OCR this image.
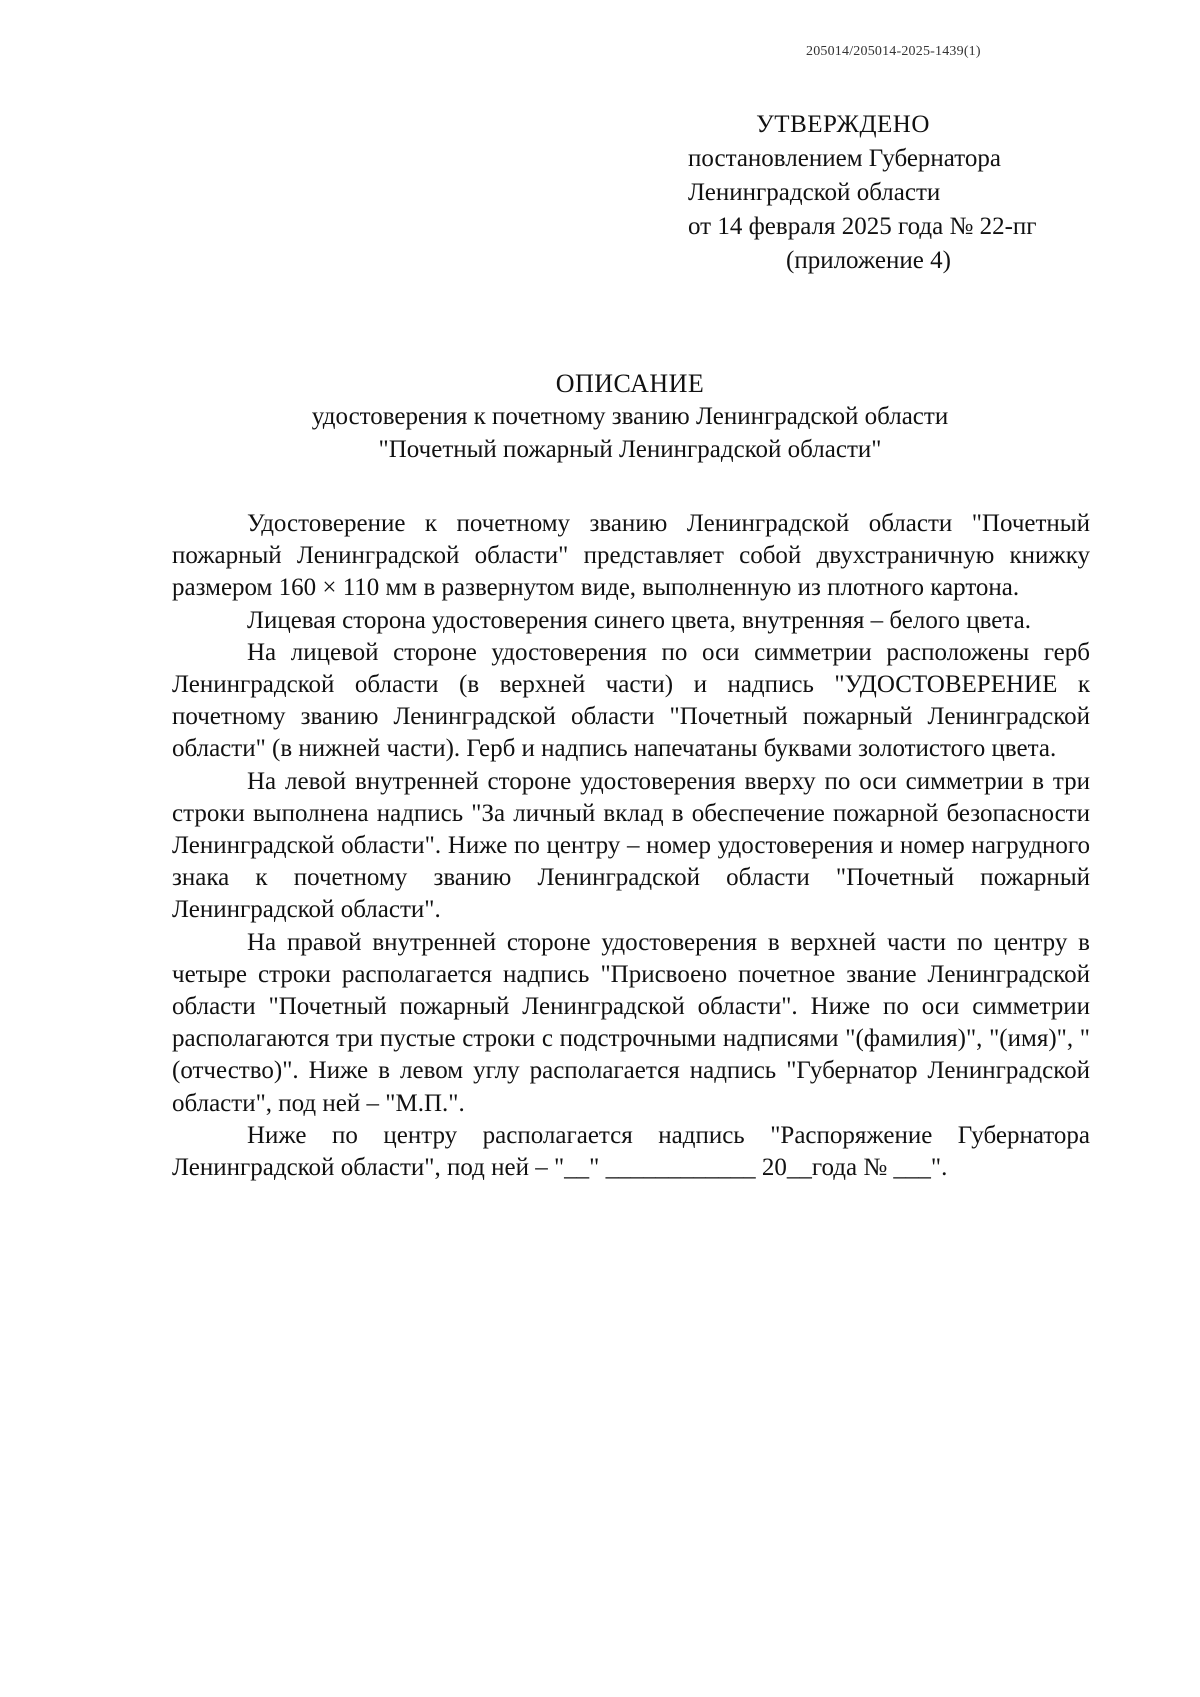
205014/205014-2025-1439(1)
УТВЕРЖДЕНО
постановлением Губернатора
Ленинградской области
от 14 февраля 2025 года № 22-пг
(приложение 4)
ОПИСАНИЕ
удостоверения к почетному званию Ленинградской области
"Почетный пожарный Ленинградской области"

Удостоверение к почетному званию Ленинградской области "Почетный пожарный Ленинградской области" представляет собой двухстраничную книжку размером 160 × 110 мм в развернутом виде, выполненную из плотного картона.

Лицевая сторона удостоверения синего цвета, внутренняя – белого цвета.

На лицевой стороне удостоверения по оси симметрии расположены герб Ленинградской области (в верхней части) и надпись "УДОСТОВЕРЕНИЕ к почетному званию Ленинградской области "Почетный пожарный Ленинградской области" (в нижней части). Герб и надпись напечатаны буквами золотистого цвета.

На левой внутренней стороне удостоверения вверху по оси симметрии в три строки выполнена надпись "За личный вклад в обеспечение пожарной безопасности Ленинградской области". Ниже по центру – номер удостоверения и номер нагрудного знака к почетному званию Ленинградской области "Почетный пожарный Ленинградской области".

На правой внутренней стороне удостоверения в верхней части по центру в четыре строки располагается надпись "Присвоено почетное звание Ленинградской области "Почетный пожарный Ленинградской области". Ниже по оси симметрии располагаются три пустые строки с подстрочными надписями "(фамилия)", "(имя)", "(отчество)". Ниже в левом углу располагается надпись "Губернатор Ленинградской области", под ней – "М.П.".

Ниже по центру располагается надпись "Распоряжение Губернатора Ленинградской области", под ней – "__" ____________ 20__года № ___".
